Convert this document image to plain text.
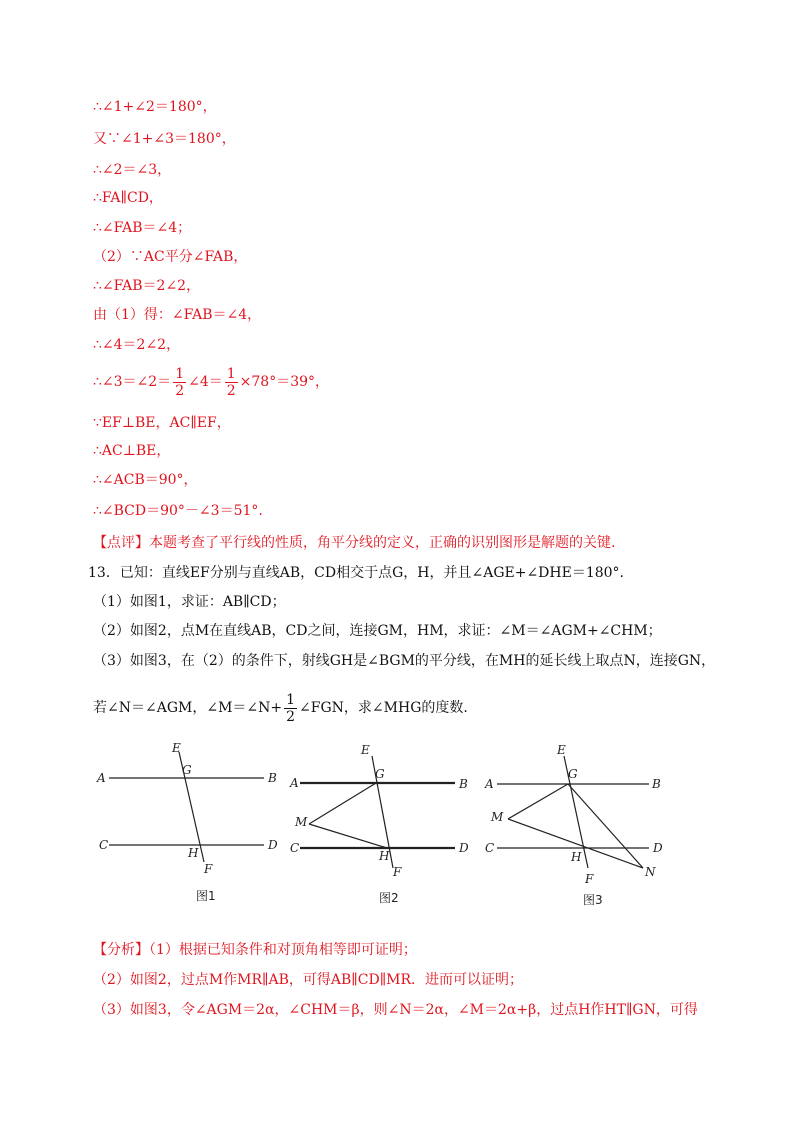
∴∠1+∠2＝180°，
又∵∠1+∠3＝180°，
∴∠2＝∠3，
∴FA∥CD，
∴∠FAB＝∠4；
（2）∵AC平分∠FAB，
∴∠FAB＝2∠2，
由（1）得：∠FAB＝∠4，
∴∠4＝2∠2，
∴∠3＝∠2＝ $\frac{1}{2}$ ∠4＝ $\frac{1}{2} \times 78^\circ=39^\circ$，
∵EF⊥BE，AC∥EF，
∴AC⊥BE，
∴∠ACB＝90°，
∴∠BCD＝90°－∠3＝51°.
【点评】本题考查了平行线的性质，角平分线的定义，正确的识别图形是解题的关键.
13．已知：直线EF分别与直线AB，CD相交于点G，H，并且∠AGE+∠DHE＝180°.
（1）如图1，求证：AB∥CD；
（2）如图2，点M在直线AB，CD之间，连接GM，HM，求证：∠M＝∠AGM+∠CHM；
（3）如图3，在（2）的条件下，射线GH是∠BGM的平分线，在MH的延长线上取点N，连接GN，
若∠N＝∠AGM，∠M＝∠N+ $\frac{1}{2}$ ∠FGN，求∠MHG的度数.
A	B
C	D
E
G
H
F
图1
A	B
C	D
E
G
M
H
F
图2
A	B
C	D
E
G
M
H
F	N
图3
【分析】（1）根据已知条件和对顶角相等即可证明；
（2）如图2，过点M作MR∥AB，可得AB∥CD∥MR．进而可以证明；
（3）如图3，令∠AGM＝2α，∠CHM＝β，则∠N＝2α，∠M＝2α+β，过点H作HT∥GN，可得
